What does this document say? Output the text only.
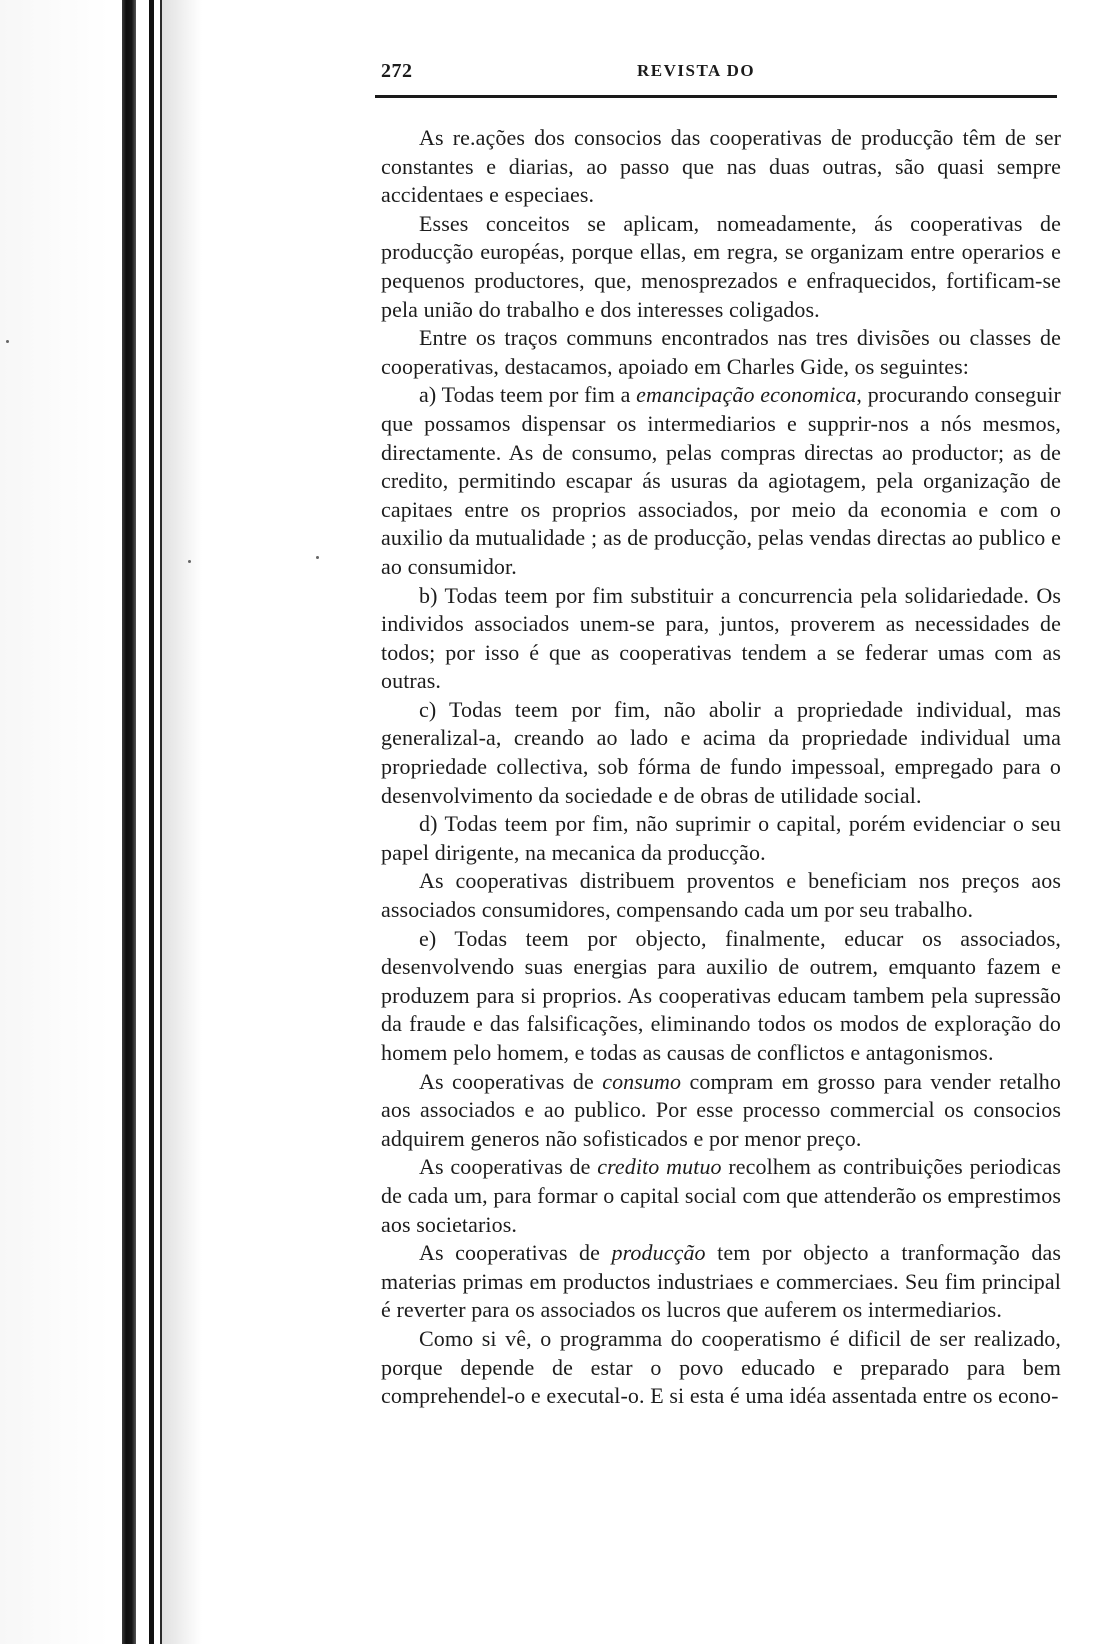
272	REVISTA DO

As re.ações dos consocios das cooperativas de producção têm de ser constantes e diarias, ao passo que nas duas outras, são quasi sempre accidentaes e especiaes.

Esses conceitos se aplicam, nomeadamente, ás cooperativas de producção européas, porque ellas, em regra, se organizam entre operarios e pequenos productores, que, menosprezados e enfraquecidos, fortificam-se pela união do trabalho e dos interesses coligados.

Entre os traços communs encontrados nas tres divisões ou classes de cooperativas, destacamos, apoiado em Charles Gide, os seguintes:

a) Todas teem por fim a emancipação economica, procurando conseguir que possamos dispensar os intermediarios e supprir-nos a nós mesmos, directamente. As de consumo, pelas compras directas ao productor; as de credito, permitindo escapar ás usuras da agiotagem, pela organização de capitaes entre os proprios associados, por meio da economia e com o auxilio da mutualidade ; as de producção, pelas vendas directas ao publico e ao consumidor.

b) Todas teem por fim substituir a concurrencia pela solidariedade. Os individos associados unem-se para, juntos, proverem as necessidades de todos; por isso é que as cooperativas tendem a se federar umas com as outras.

c) Todas teem por fim, não abolir a propriedade individual, mas generalizal-a, creando ao lado e acima da propriedade individual uma propriedade collectiva, sob fórma de fundo impessoal, empregado para o desenvolvimento da sociedade e de obras de utilidade social.

d) Todas teem por fim, não suprimir o capital, porém evidenciar o seu papel dirigente, na mecanica da producção.

As cooperativas distribuem proventos e beneficiam nos preços aos associados consumidores, compensando cada um por seu trabalho.

e) Todas teem por objecto, finalmente, educar os associados, desenvolvendo suas energias para auxilio de outrem, emquanto fazem e produzem para si proprios. As cooperativas educam tambem pela supressão da fraude e das falsificações, eliminando todos os modos de exploração do homem pelo homem, e todas as causas de conflictos e antagonismos.

As cooperativas de consumo compram em grosso para vender retalho aos associados e ao publico. Por esse processo commercial os consocios adquirem generos não sofisticados e por menor preço.

As cooperativas de credito mutuo recolhem as contribuições periodicas de cada um, para formar o capital social com que attenderão os emprestimos aos societarios.

As cooperativas de producção tem por objecto a tranformação das materias primas em productos industriaes e commerciaes. Seu fim principal é reverter para os associados os lucros que auferem os intermediarios.

Como si vê, o programma do cooperatismo é dificil de ser realizado, porque depende de estar o povo educado e preparado para bem comprehendel-o e executal-o. E si esta é uma idéa assentada entre os econo-
